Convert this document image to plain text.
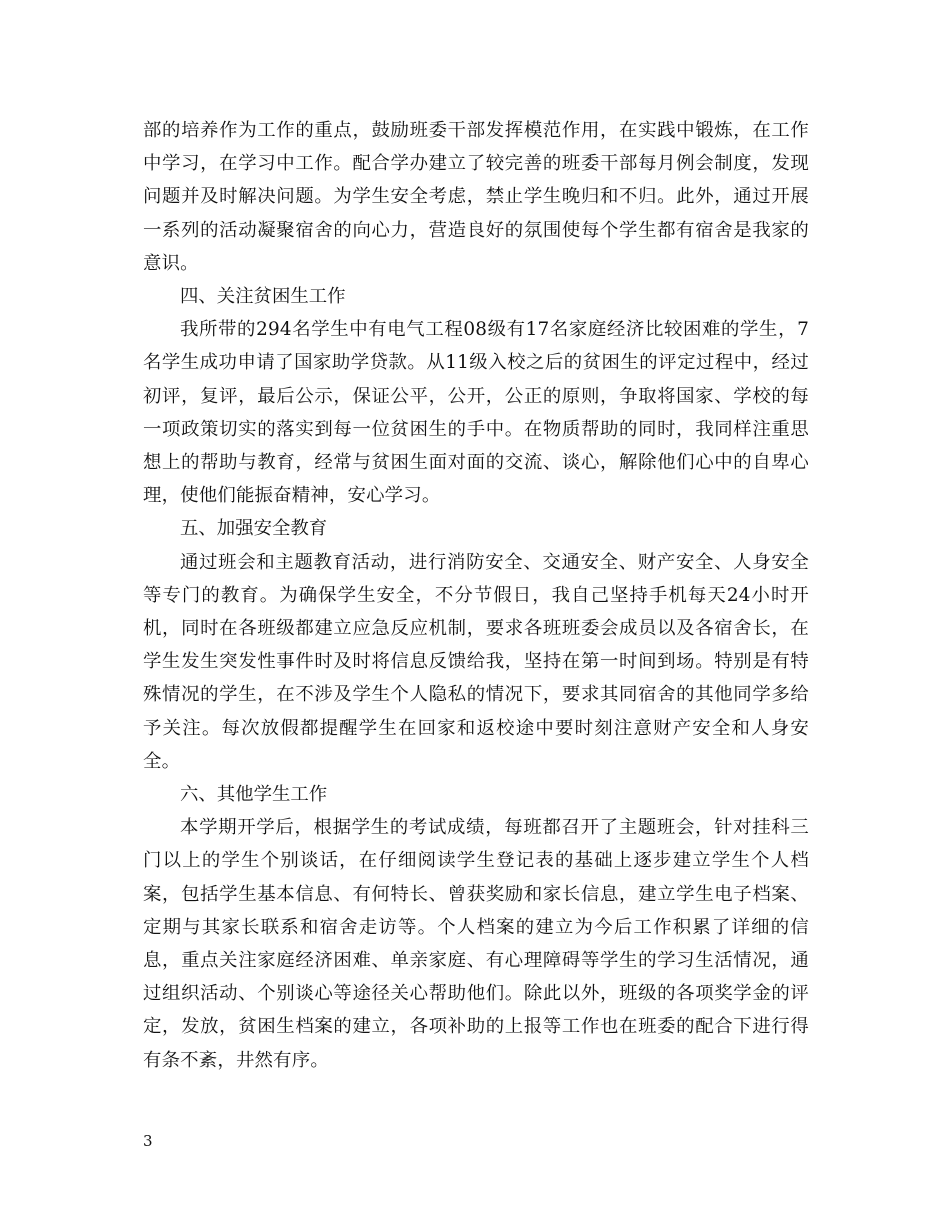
部的培养作为工作的重点，鼓励班委干部发挥模范作用，在实践中锻炼，在工作中学习，在学习中工作。配合学办建立了较完善的班委干部每月例会制度，发现问题并及时解决问题。为学生安全考虑，禁止学生晚归和不归。此外，通过开展一系列的活动凝聚宿舍的向心力，营造良好的氛围使每个学生都有宿舍是我家的意识。

四、关注贫困生工作

我所带的294名学生中有电气工程08级有17名家庭经济比较困难的学生，7名学生成功申请了国家助学贷款。从11级入校之后的贫困生的评定过程中，经过初评，复评，最后公示，保证公平，公开，公正的原则，争取将国家、学校的每一项政策切实的落实到每一位贫困生的手中。在物质帮助的同时，我同样注重思想上的帮助与教育，经常与贫困生面对面的交流、谈心，解除他们心中的自卑心理，使他们能振奋精神，安心学习。

五、加强安全教育

通过班会和主题教育活动，进行消防安全、交通安全、财产安全、人身安全等专门的教育。为确保学生安全，不分节假日，我自己坚持手机每天24小时开机，同时在各班级都建立应急反应机制，要求各班班委会成员以及各宿舍长，在学生发生突发性事件时及时将信息反馈给我，坚持在第一时间到场。特别是有特殊情况的学生，在不涉及学生个人隐私的情况下，要求其同宿舍的其他同学多给予关注。每次放假都提醒学生在回家和返校途中要时刻注意财产安全和人身安全。

六、其他学生工作

本学期开学后，根据学生的考试成绩，每班都召开了主题班会，针对挂科三门以上的学生个别谈话，在仔细阅读学生登记表的基础上逐步建立学生个人档案，包括学生基本信息、有何特长、曾获奖励和家长信息，建立学生电子档案、定期与其家长联系和宿舍走访等。个人档案的建立为今后工作积累了详细的信息，重点关注家庭经济困难、单亲家庭、有心理障碍等学生的学习生活情况，通过组织活动、个别谈心等途径关心帮助他们。除此以外，班级的各项奖学金的评定，发放，贫困生档案的建立，各项补助的上报等工作也在班委的配合下进行得有条不紊，井然有序。

3
